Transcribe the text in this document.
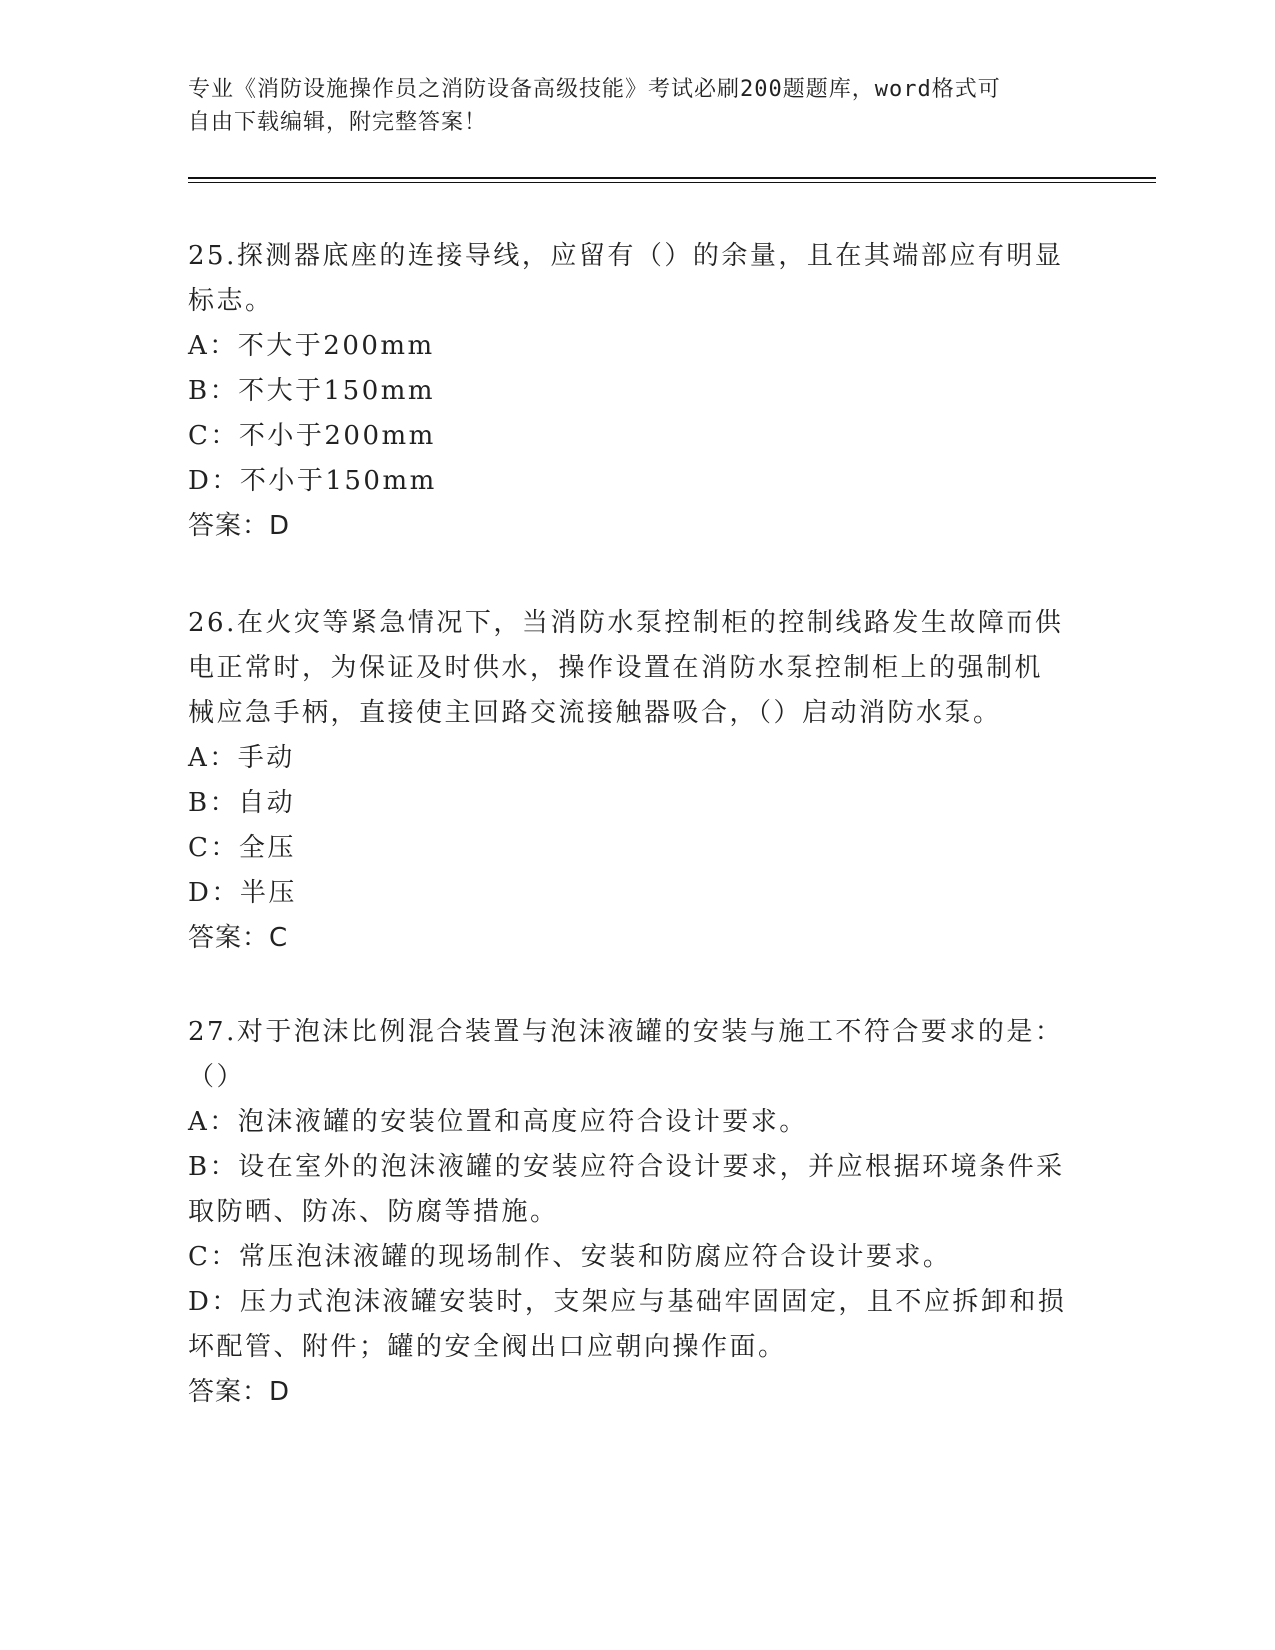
专业《消防设施操作员之消防设备高级技能》考试必刷200题题库，word格式可
自由下载编辑，附完整答案！

25.探测器底座的连接导线，应留有（）的余量，且在其端部应有明显

标志。

A：不大于200mm

B：不大于150mm

C：不小于200mm

D：不小于150mm

答案：D

26.在火灾等紧急情况下，当消防水泵控制柜的控制线路发生故障而供

电正常时，为保证及时供水，操作设置在消防水泵控制柜上的强制机

械应急手柄，直接使主回路交流接触器吸合，（）启动消防水泵。

A：手动

B：自动

C：全压

D：半压

答案：C

27.对于泡沫比例混合装置与泡沫液罐的安装与施工不符合要求的是：

（）

A：泡沫液罐的安装位置和高度应符合设计要求。

B：设在室外的泡沫液罐的安装应符合设计要求，并应根据环境条件采

取防晒、防冻、防腐等措施。

C：常压泡沫液罐的现场制作、安装和防腐应符合设计要求。

D：压力式泡沫液罐安装时，支架应与基础牢固固定，且不应拆卸和损

坏配管、附件；罐的安全阀出口应朝向操作面。

答案：D
